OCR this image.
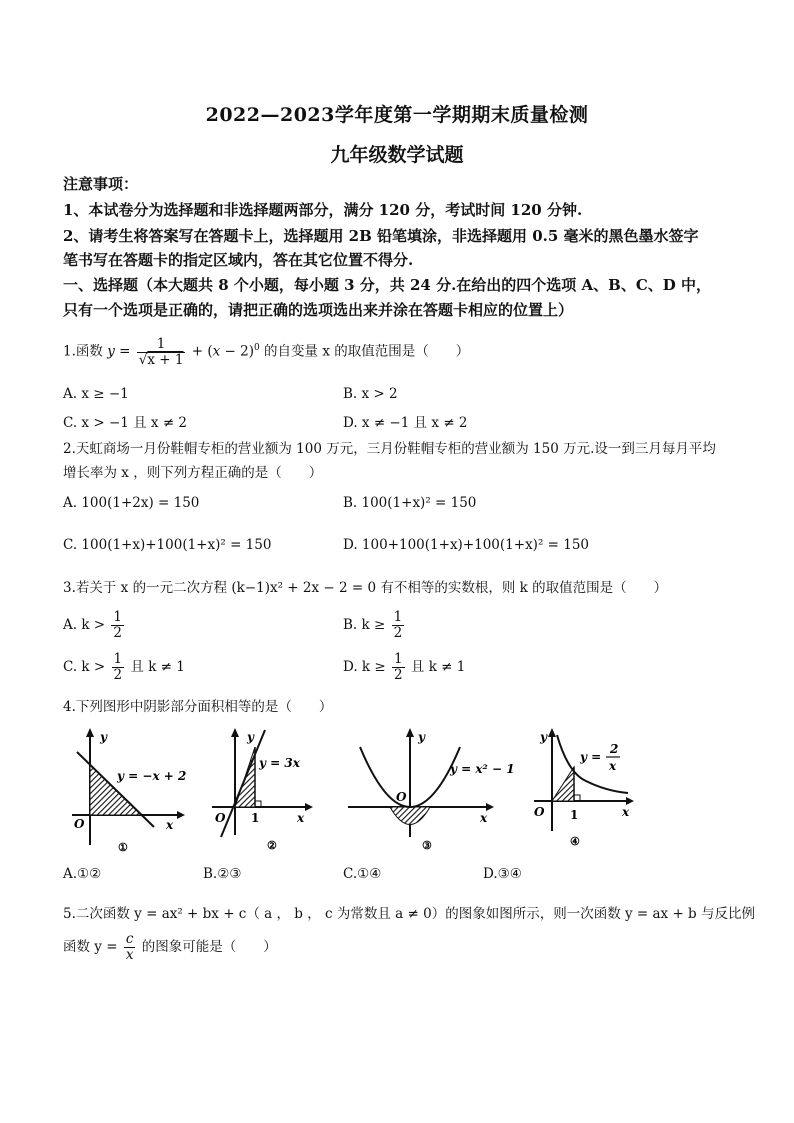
2022—2023学年度第一学期期末质量检测
九年级数学试题
注意事项：
1、本试卷分为选择题和非选择题两部分，满分 120 分，考试时间 120 分钟.
2、请考生将答案写在答题卡上，选择题用 2B 铅笔填涂，非选择题用 0.5 毫米的黑色墨水签字
笔书写在答题卡的指定区域内，答在其它位置不得分.
一、选择题（本大题共 8 个小题，每小题 3 分，共 24 分.在给出的四个选项 A、B、C、D 中，
只有一个选项是正确的，请把正确的选项选出来并涂在答题卡相应的位置上）
1.函数 $y = \frac{1}{√x + 1} + (x - 2)^0$ 的自变量 x 的取值范围是（　　）
A. x ≥ −1	B. x > 2
C. x > −1 且 x ≠ 2	D. x ≠ −1 且 x ≠ 2
2.天虹商场一月份鞋帽专柜的营业额为 100 万元，三月份鞋帽专柜的营业额为 150 万元.设一到三月每月平均
增长率为 x ，则下列方程正确的是（　　）
A. 100(1+2x) = 150	B. 100(1+x)² = 150
C. 100(1+x)+100(1+x)² = 150	D. 100+100(1+x)+100(1+x)² = 150
3.若关于 x 的一元二次方程 (k−1)x² + 2x − 2 = 0 有不相等的实数根，则 k 的取值范围是（　　）
A. $k > \frac{1}{2}$	B. $k \ge \frac{1}{2}$
C. $k > \frac{1}{2}$ 且 k ≠ 1	D. $k \ge \frac{1}{2}$ 且 k ≠ 1
4.下列图形中阴影部分面积相等的是（　　）
y
x
O
y = −x + 2
①
y
x
O 1
y = 3x
②
y
x
O
y = x² − 1
③
y
x
O 1
y =
2
x
④
A.①②	B.②③	C.①④	D.③④
5.二次函数 y = ax² + bx + c（ a ， b ， c 为常数且 a ≠ 0）的图象如图所示，则一次函数 y = ax + b 与反比例
函数 $y = \frac{c}{x}$ 的图象可能是（　　）
